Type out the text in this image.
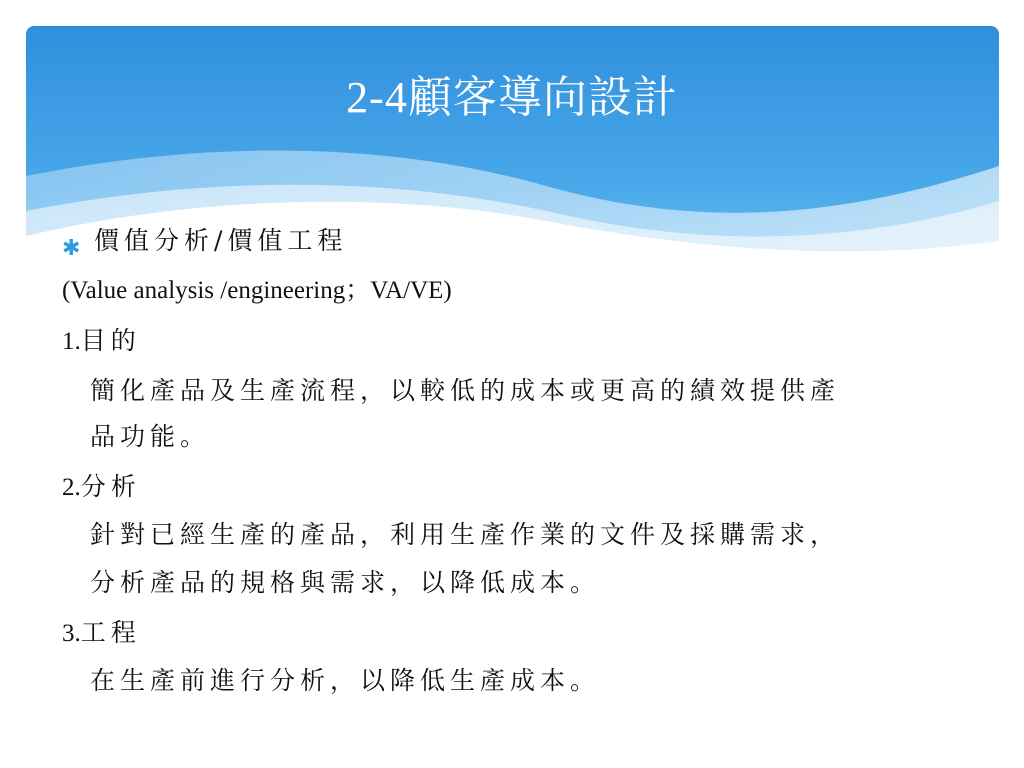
2-4顧客導向設計
✱ 價值分析/價值工程
(Value analysis /engineering；VA/VE)
1.目的
簡化產品及生產流程，以較低的成本或更高的績效提供產
品功能。
2.分析
針對已經生產的產品，利用生產作業的文件及採購需求，
分析產品的規格與需求，以降低成本。
3.工程
在生產前進行分析，以降低生產成本。
